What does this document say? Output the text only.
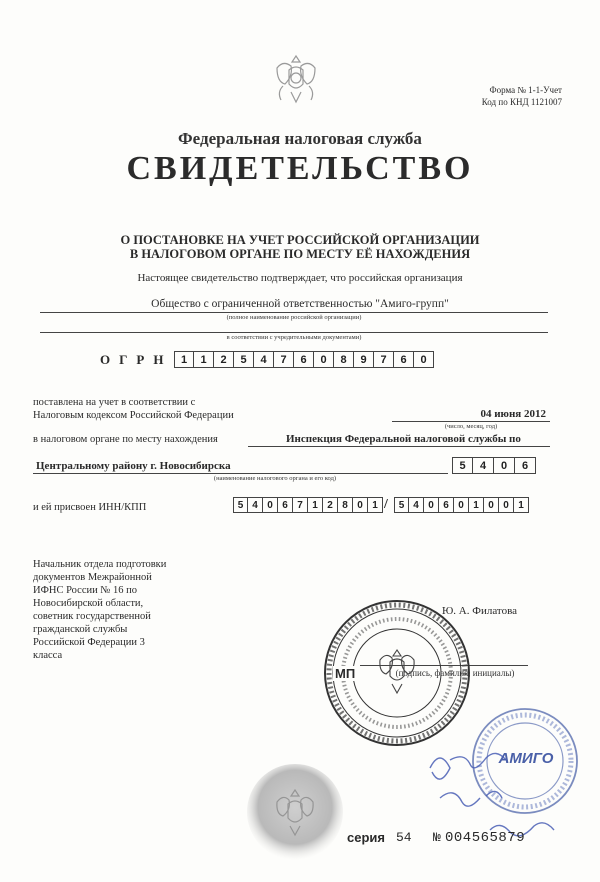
Форма № 1-1-Учет
Код по КНД 1121007
Федеральная налоговая служба
СВИДЕТЕЛЬСТВО
О ПОСТАНОВКЕ НА УЧЕТ РОССИЙСКОЙ ОРГАНИЗАЦИИ
В НАЛОГОВОМ ОРГАНЕ ПО МЕСТУ ЕЁ НАХОЖДЕНИЯ
Настоящее свидетельство подтверждает, что российская организация
Общество с ограниченной ответственностью "Амиго-групп"
(полное наименование российской организации)
в соответствии с учредительными документами)
ОГРН 1	1	2	5	4	7	6	0	8	9	7	6	0
поставлена на учет в соответствии с
Налоговым кодексом Российской Федерации	04 июня 2012
(число, месяц, год)
в налоговом органе по месту нахождения	Инспекция Федеральной налоговой службы по
Центральному району г. Новосибирска
(наименование налогового органа и его код)
5	4	0	6
и ей присвоен ИНН/КПП	5 4 0 6 7 1 2 8 0 1 /	5 4 0 6 0 1 0 0 1
Начальник отдела подготовки
документов Межрайонной
ИФНС России № 16 по
Новосибирской области,
советник государственной
гражданской службы
Российской Федерации 3
класса
Ю. А. Филатова
(подпись, фамилия, инициалы)
МП
АМИГО
серия 54 № 004565879
